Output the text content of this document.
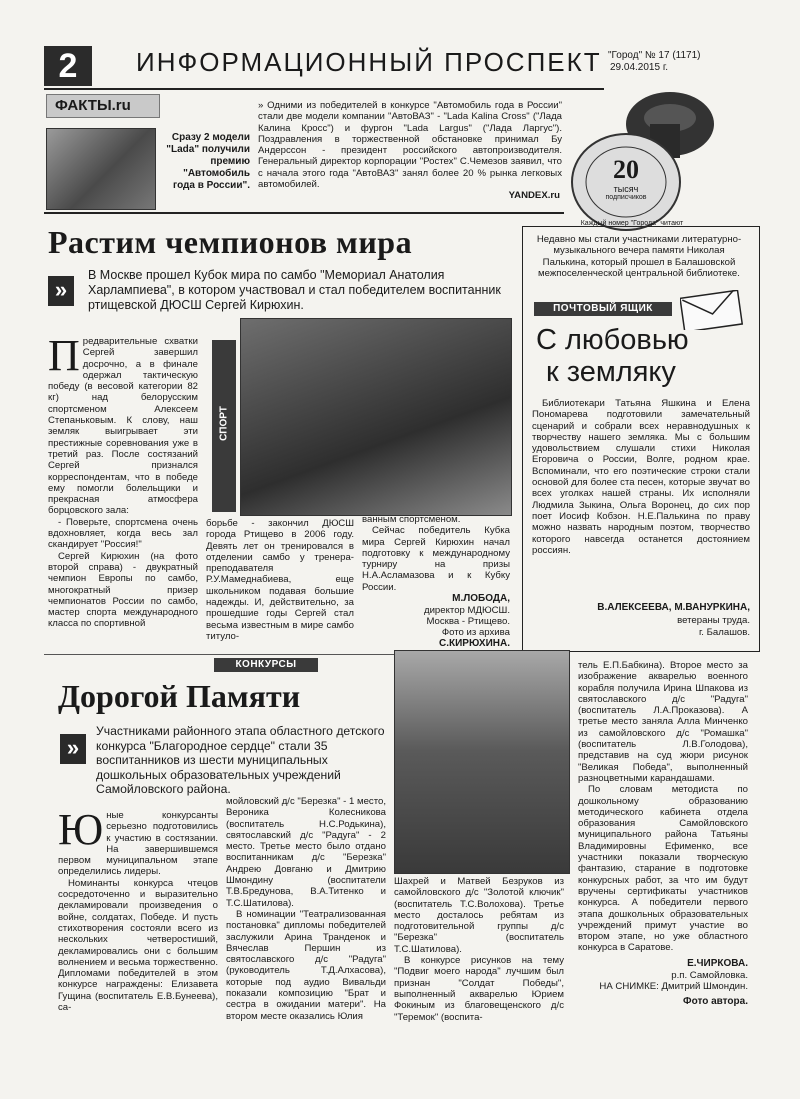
2	ИНФОРМАЦИОННЫЙ ПРОСПЕКТ "Город" № 17 (1171)
29.04.2015 г.
ФАКТЫ.ru
Сразу 2 модели "Lada" получили премию "Автомобиль года в России".
» Одними из победителей в конкурсе "Автомобиль года в России" стали две модели компании "АвтоВАЗ" - "Lada Kalina Cross" ("Лада Калина Кросс") и фургон "Lada Largus" ("Лада Ларгус"). Поздравления в торжественной обстановке принимал Бу Андерссон - президент российского автопроизводителя. Генеральный директор корпорации "Ростех" С.Чемезов заявил, что с начала этого года "АвтоВАЗ" занял более 20 % рынка легковых автомобилей.
YANDEX.ru
Каждый номер "Города" читают
20
тысяч
подписчиков
Растим чемпионов мира
»
В Москве прошел Кубок мира по самбо "Мемориал Анатолия Харлампиева", в котором участвовал и стал победителем воспитанник ртищевской ДЮСШ Сергей Кирюхин.
П редварительные схватки Сергей завершил досрочно, а в финале одержал тактическую победу (в весовой категории 82 кг) над белорусским спортсменом Алексеем Степаньковым. К слову, наш земляк выигрывает эти престижные соревнования уже в третий раз. После состязаний Сергей признался корреспондентам, что в победе ему помогли болельщики и прекрасная атмосфера борцовского зала:

- Поверьте, спортсмена очень вдохновляет, когда весь зал скандирует "Россия!"

Сергей Кирюхин (на фото второй справа) - двукратный чемпион Европы по самбо, многократный призер чемпионатов России по самбо, мастер спорта международного класса по спортивной

СПОРТ

борьбе - закончил ДЮСШ города Ртищево в 2006 году. Девять лет он тренировался в отделении самбо у тренера-преподавателя Р.У.Мамеднабиева, еще школьником подавая большие надежды. И, действительно, за прошедшие годы Сергей стал весьма известным в мире самбо титуло-

ванным спортсменом.

Сейчас победитель Кубка мира Сергей Кирюхин начал подготовку к международному турниру на призы Н.А.Асламазова и к Кубку России.

М.ЛОБОДА,
директор МДЮСШ.
Москва - Ртищево.
Фото из архива
С.КИРЮХИНА.
Недавно мы стали участниками литературно-музыкального вечера памяти Николая Палькина, который прошел в Балашовской межпоселенческой центральной библиотеке.
ПОЧТОВЫЙ ЯЩИК
С любовью
к земляку
Библиотекари Татьяна Яшкина и Елена Пономарева подготовили замечательный сценарий и собрали всех неравнодушных к творчеству нашего земляка. Мы с большим удовольствием слушали стихи Николая Егоровича о России, Волге, родном крае. Вспоминали, что его поэтические строки стали основой для более ста песен, которые звучат во всех уголках нашей страны. Их исполняли Людмила Зыкина, Ольга Воронец, до сих пор поет Иосиф Кобзон. Н.Е.Палькина по праву можно назвать народным поэтом, творчество которого навсегда останется достоянием россиян.
В.АЛЕКСЕЕВА, М.ВАНУРКИНА,
ветераны труда.
г. Балашов.
КОНКУРСЫ
Дорогой Памяти
»
Участниками районного этапа областного детского конкурса "Благородное сердце" стали 35 воспитанников из шести муниципальных дошкольных образовательных учреждений Самойловского района.
Ю ные конкурсанты серьезно подготовились к участию в состязании. На завершившемся первом муниципальном этапе определились лидеры.

Номинанты конкурса чтецов сосредоточенно и выразительно декламировали произведения о войне, солдатах, Победе. И пусть стихотворения состояли всего из нескольких четверостиший, декламировались они с большим волнением и весьма торжественно. Дипломами победителей в этом конкурсе награждены: Елизавета Гущина (воспитатель Е.В.Бунеева), са-

мойловский д/с "Березка" - 1 место, Вероника Колесникова (воспитатель Н.С.Родькина), святославский д/с "Радуга" - 2 место. Третье место было отдано воспитанникам д/с "Березка" Андрею Довганю и Дмитрию Шмондину (воспитатели Т.В.Бредунова, В.А.Титенко и Т.С.Шатилова).

В номинации "Театрализованная постановка" дипломы победителей заслужили Арина Транденок и Вячеслав Першин из святославского д/с "Радуга" (руководитель Т.Д.Алхасова), которые под аудио Вивальди показали композицию "Брат и сестра в ожидании матери". На втором месте оказались Юлия

Шахрей и Матвей Безруков из самойловского д/с "Золотой ключик" (воспитатель Т.С.Волохова). Третье место досталось ребятам из подготовительной группы д/с "Березка" (воспитатель Т.С.Шатилова).

В конкурсе рисунков на тему "Подвиг моего народа" лучшим был признан "Солдат Победы", выполненный акварелью Юрием Фокиным из благовещенского д/с "Теремок" (воспита-

тель Е.П.Бабкина). Второе место за изображение акварелью военного корабля получила Ирина Шпакова из святославского д/с "Радуга" (воспитатель Л.А.Проказова). А третье место заняла Алла Минченко из самойловского д/с "Ромашка" (воспитатель Л.В.Голодова), представив на суд жюри рисунок "Великая Победа", выполненный разноцветными карандашами.

По словам методиста по дошкольному образованию методического кабинета отдела образования Самойловского муниципального района Татьяны Владимировны Ефименко, все участники показали творческую фантазию, старание в подготовке конкурсных работ, за что им будут вручены сертификаты участников конкурса. А победители первого этапа дошкольных образовательных учреждений примут участие во втором этапе, но уже областного конкурса в Саратове.

Е.ЧИРКОВА.
р.п. Самойловка.
НА СНИМКЕ: Дмитрий Шмондин.
Фото автора.
